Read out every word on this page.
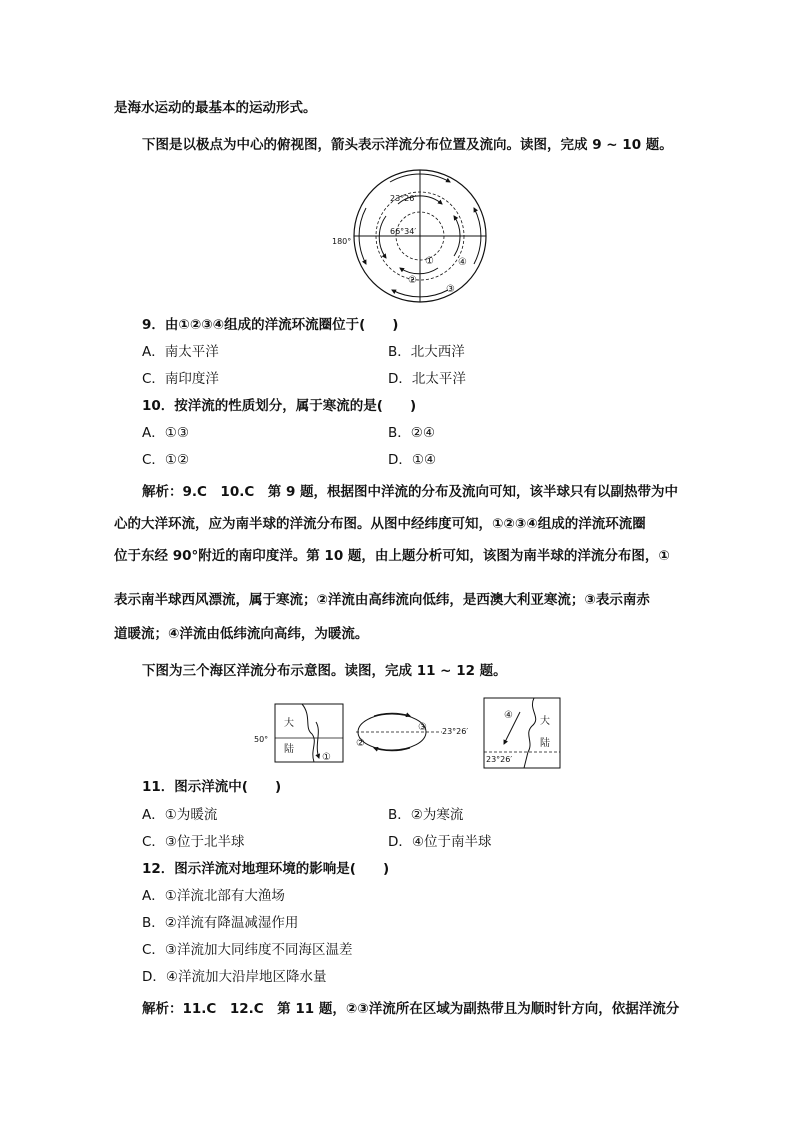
是海水运动的最基本的运动形式。
下图是以极点为中心的俯视图，箭头表示洋流分布位置及流向。读图，完成 9 ~ 10 题。
23°26′
66°34′
180°
①
②
③
④
9．由①②③④组成的洋流环流圈位于(　　)
A．南太平洋	B．北大西洋
C．南印度洋	D．北太平洋
10．按洋流的性质划分，属于寒流的是(　　)
A．①③	B．②④
C．①②	D．①④
解析：9.C　10.C　第 9 题，根据图中洋流的分布及流向可知，该半球只有以副热带为中
心的大洋环流，应为南半球的洋流分布图。从图中经纬度可知，①②③④组成的洋流环流圈
位于东经 90°附近的南印度洋。第 10 题，由上题分析可知，该图为南半球的洋流分布图，①
表示南半球西风漂流，属于寒流；②洋流由高纬流向低纬，是西澳大利亚寒流；③表示南赤
道暖流；④洋流由低纬流向高纬，为暖流。
下图为三个海区洋流分布示意图。读图，完成 11 ~ 12 题。
50°
大
陆
①
②
③ 23°26′
④
大
陆
23°26′
11．图示洋流中(　　)
A．①为暖流	B．②为寒流
C．③位于北半球	D．④位于南半球
12．图示洋流对地理环境的影响是(　　)
A．①洋流北部有大渔场
B．②洋流有降温减湿作用
C．③洋流加大同纬度不同海区温差
D．④洋流加大沿岸地区降水量
解析：11.C　12.C　第 11 题，②③洋流所在区域为副热带且为顺时针方向，依据洋流分
